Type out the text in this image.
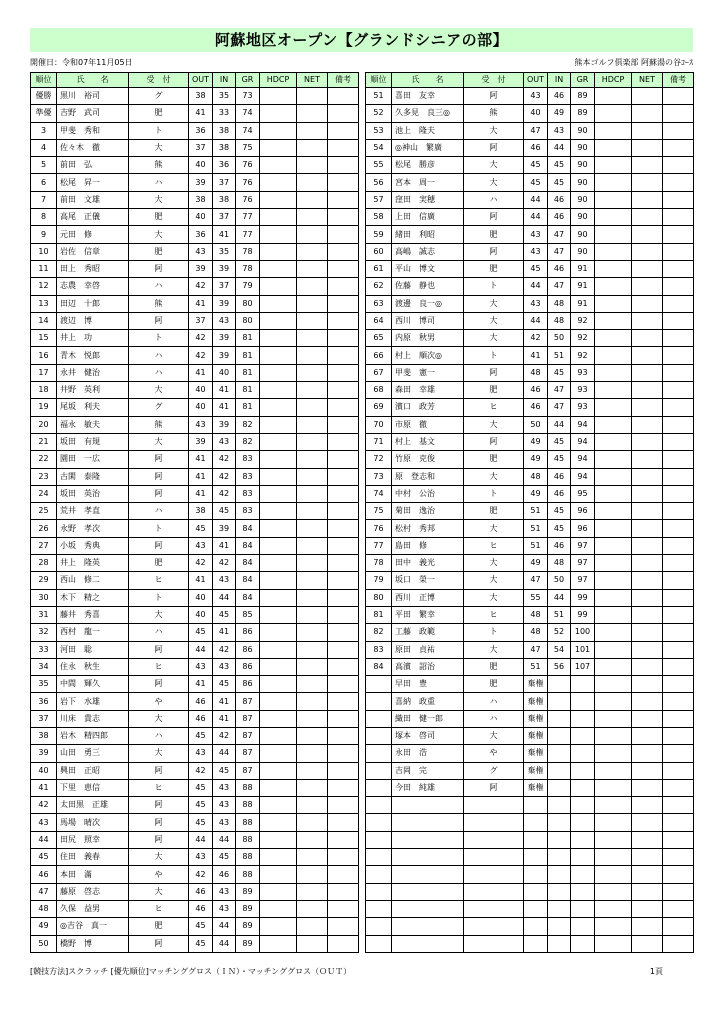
阿蘇地区オープン【グランドシニアの部】
開催日：令和07年11月05日	熊本ゴルフ倶楽部 阿蘇湯の谷ｺｰｽ
順位	氏　　名	受　付	OUT	IN	GR	HDCP	NET	備考
優勝	黒川　裕司	グ	38	35	73			
準優	吉野　武司	肥	41	33	74			
3	甲斐　秀和	ト	36	38	74			
4	佐々木　徹	大	37	38	75			
5	前田　弘	熊	40	36	76			
6	松尾　昇一	ハ	39	37	76			
7	前田　文雄	大	38	38	76			
8	高尾　正儀	肥	40	37	77			
9	元田　修	大	36	41	77			
10	岩佐　信章	肥	43	35	78			
11	田上　秀昭	阿	39	39	78			
12	志農　幸啓	ハ	42	37	79			
13	田辺　十郎	熊	41	39	80			
14	渡辺　博	阿	37	43	80			
15	井上　功	ト	42	39	81			
16	青木　悦郎	ハ	42	39	81			
17	永井　健治	ハ	41	40	81			
18	井野　英利	大	40	41	81			
19	尾坂　利夫	グ	40	41	81			
20	福永　敏夫	熊	43	39	82			
21	坂田　有規	大	39	43	82			
22	園田　一広	阿	41	42	83			
23	古閑　泰隆	阿	41	42	83			
24	坂田　英治	阿	41	42	83			
25	荒井　孝直	ハ	38	45	83			
26	永野　孝次	ト	45	39	84			
27	小坂　秀典	阿	43	41	84			
28	井上　隆英	肥	42	42	84			
29	西山　修二	ヒ	41	43	84			
30	木下　精之	ト	40	44	84			
31	藤井　秀喜	大	40	45	85			
32	西村　龍一	ハ	45	41	86			
33	河田　聡	阿	44	42	86			
34	住永　秋生	ヒ	43	43	86			
35	中間　輝久	阿	41	45	86			
36	岩下　水雄	や	46	41	87			
37	川床　貴志	大	46	41	87			
38	岩木　精四郎	ハ	45	42	87			
39	山田　勇三	大	43	44	87			
40	興田　正昭	阿	42	45	87			
41	下里　恵信	ヒ	45	43	88			
42	太田黒　正雄	阿	45	43	88			
43	馬場　晴次	阿	45	43	88			
44	田尻　照幸	阿	44	44	88			
45	住田　義春	大	43	45	88			
46	本田　滿	や	42	46	88			
47	藤原　啓志	大	46	43	89			
48	久保　益男	ヒ	46	43	89			
49	◎吉谷　真一	肥	45	44	89			
50	橋野　博	阿	45	44	89			
順位	氏　　名	受　付	OUT	IN	GR	HDCP	NET	備考
51	喜田　友幸	阿	43	46	89			
52	久多見　良三◎	熊	40	49	89			
53	池上　隆夫	大	47	43	90			
54	◎神山　繁廣	阿	46	44	90			
55	松尾　勝彦	大	45	45	90			
56	宮本　周一	大	45	45	90			
57	窪田　実穂	ハ	44	46	90			
58	上田　信廣	阿	44	46	90			
59	緒田　利昭	肥	43	47	90			
60	高嶋　誠志	阿	43	47	90			
61	平山　博文	肥	45	46	91			
62	佐藤　静也	ト	44	47	91			
63	渡邊　良一◎	大	43	48	91			
64	西川　博司	大	44	48	92			
65	内原　秋男	大	42	50	92			
66	村上　順次◎	ト	41	51	92			
67	甲斐　憲一	阿	48	45	93			
68	森田　幸雄	肥	46	47	93			
69	濱口　政芳	ヒ	46	47	93			
70	市原　徹	大	50	44	94			
71	村上　基文	阿	49	45	94			
72	竹原　克俊	肥	49	45	94			
73	原　登志和	大	48	46	94			
74	中村　公治	ト	49	46	95			
75	菊田　逸治	肥	51	45	96			
76	松村　秀邦	大	51	45	96			
77	島田　修	ヒ	51	46	97			
78	田中　義光	大	49	48	97			
79	坂口　榮一	大	47	50	97			
80	西川　正博	大	55	44	99			
81	平田　繁幸	ヒ	48	51	99			
82	工藤　政範	ト	48	52	100			
83	原田　貞祐	大	47	54	101			
84	高濱　詔治	肥	51	56	107			
	早田　豊	肥	棄権					
	喜納　政重	ハ	棄権					
	織田　健一郎	ハ	棄権					
	塚本　啓司	大	棄権					
	永田　浩	や	棄権					
	吉岡　完	グ	棄権					
	今田　純雄	阿	棄権					

[競技方法]スクラッチ [優先順位]マッチンググロス（ＩＮ）・マッチンググロス（ＯＵＴ）	1頁
